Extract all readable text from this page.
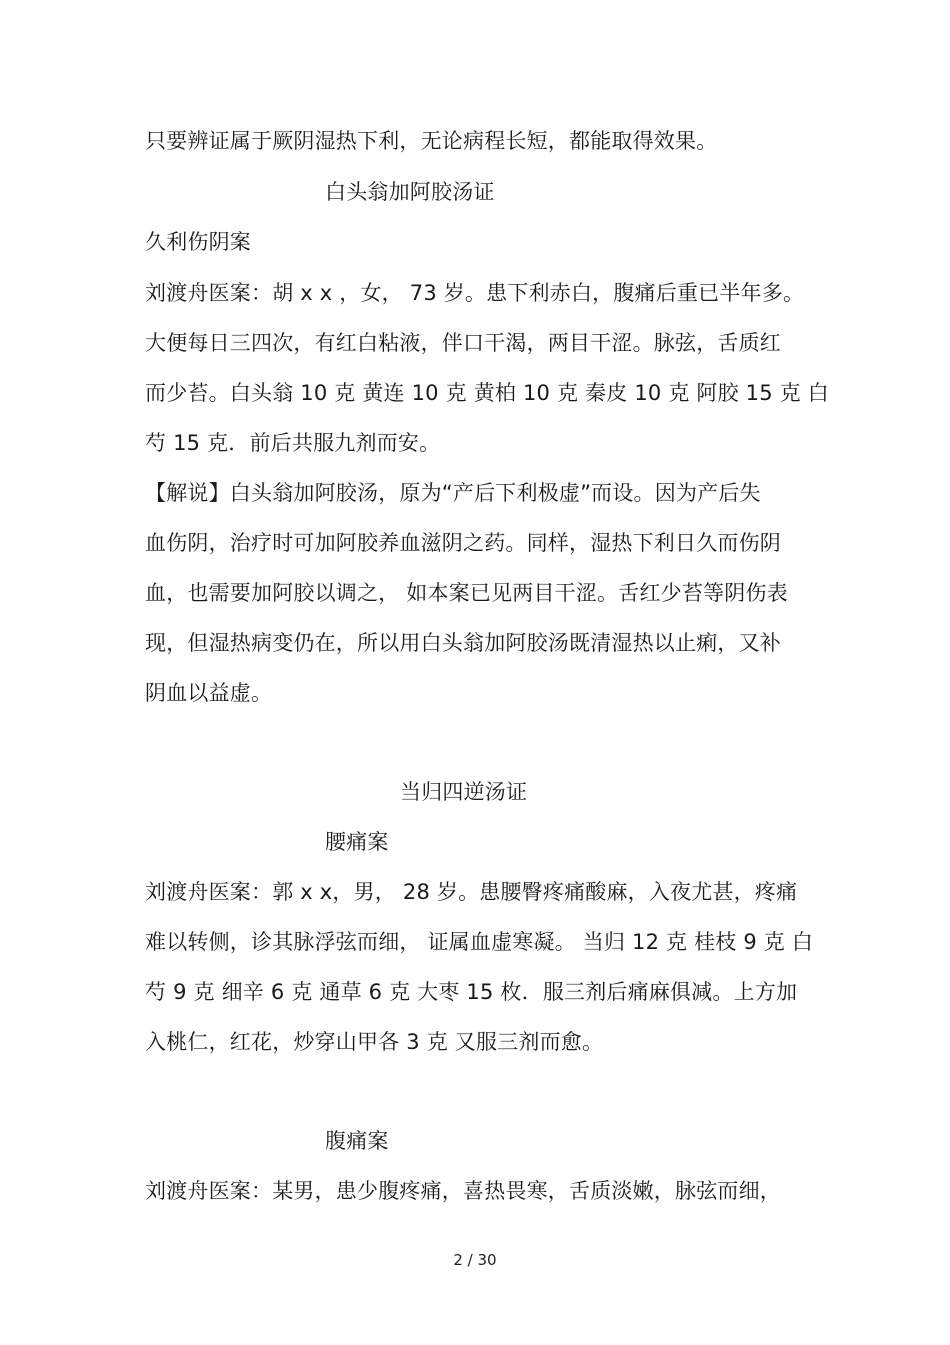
只要辨证属于厥阴湿热下利，无论病程长短，都能取得效果。
白头翁加阿胶汤证
久利伤阴案
刘渡舟医案：胡 x x ，女， 73 岁。患下利赤白，腹痛后重已半年多。
大便每日三四次，有红白粘液，伴口干渴，两目干涩。脉弦，舌质红
而少苔。白头翁 10 克 黄连 10 克 黄柏 10 克 秦皮 10 克 阿胶 15 克 白
芍 15 克．前后共服九剂而安。
【解说】白头翁加阿胶汤，原为“产后下利极虚”而设。因为产后失
血伤阴，治疗时可加阿胶养血滋阴之药。同样，湿热下利日久而伤阴
血，也需要加阿胶以调之， 如本案已见两目干涩。舌红少苔等阴伤表
现，但湿热病变仍在，所以用白头翁加阿胶汤既清湿热以止痢，又补
阴血以益虚。
当归四逆汤证
腰痛案
刘渡舟医案：郭 x x，男， 28 岁。患腰臀疼痛酸麻，入夜尤甚，疼痛
难以转侧，诊其脉浮弦而细， 证属血虚寒凝。 当归 12 克 桂枝 9 克 白
芍 9 克 细辛 6 克 通草 6 克 大枣 15 枚．服三剂后痛麻俱减。上方加
入桃仁，红花，炒穿山甲各 3 克 又服三剂而愈。
腹痛案
刘渡舟医案：某男，患少腹疼痛，喜热畏寒，舌质淡嫩，脉弦而细，
2 / 30
